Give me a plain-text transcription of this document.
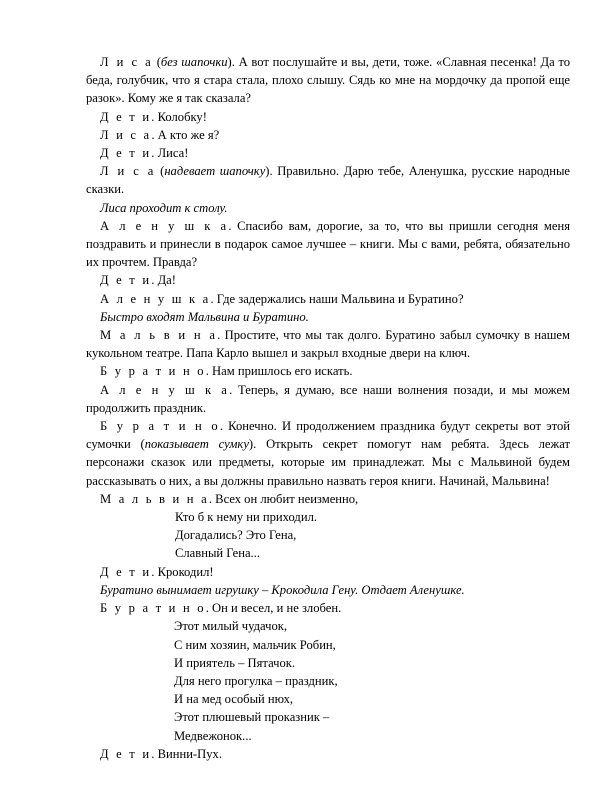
Л и с а (без шапочки). А вот послушайте и вы, дети, тоже. «Славная песенка! Да то беда, голубчик, что я стара стала, плохо слышу. Сядь ко мне на мордочку да пропой еще разок». Кому же я так сказала?

Д е т и. Колобку!

Л и с а. А кто же я?

Д е т и. Лиса!

Л и с а (надевает шапочку). Правильно. Дарю тебе, Аленушка, русские народные сказки.

Лиса проходит к столу.

А л е н у ш к а. Спасибо вам, дорогие, за то, что вы пришли сегодня меня поздравить и принесли в подарок самое лучшее – книги. Мы с вами, ребята, обязательно их прочтем. Правда?

Д е т и. Да!

А л е н у ш к а. Где задержались наши Мальвина и Буратино?

Быстро входят Мальвина и Буратино.

М а л ь в и н а. Простите, что мы так долго. Буратино забыл сумочку в нашем кукольном театре. Папа Карло вышел и закрыл входные двери на ключ.

Б у р а т и н о. Нам пришлось его искать.

А л е н у ш к а. Теперь, я думаю, все наши волнения позади, и мы можем продолжить праздник.

Б у р а т и н о. Конечно. И продолжением праздника будут секреты вот этой сумочки (показывает сумку). Открыть секрет помогут нам ребята. Здесь лежат персонажи сказок или предметы, которые им принадлежат. Мы с Мальвиной будем рассказывать о них, а вы должны правильно назвать героя книги. Начинай, Мальвина!

М а л ь в и н а. Всех он любит неизменно,

Кто б к нему ни приходил.

Догадались? Это Гена,

Славный Гена...

Д е т и. Крокодил!

Буратино вынимает игрушку – Крокодила Гену. Отдает Аленушке.

Б у р а т и н о. Он и весел, и не злобен.

Этот милый чудачок,

С ним хозяин, мальчик Робин,

И приятель – Пятачок.

Для него прогулка – праздник,

И на мед особый нюх,

Этот плюшевый проказник –

Медвежонок...

Д е т и. Винни-Пух.
